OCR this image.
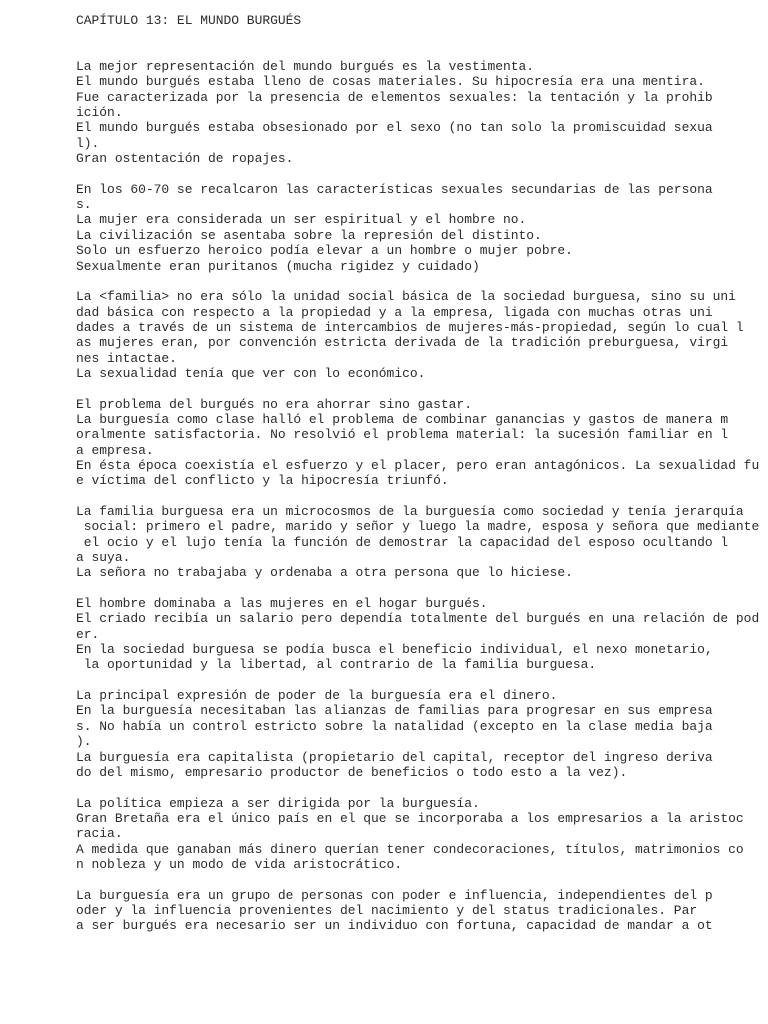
CAPÍTULO 13: EL MUNDO BURGUÉS
La mejor representación del mundo burgués es la vestimenta.
El mundo burgués estaba lleno de cosas materiales. Su hipocresía era una mentira.
Fue caracterizada por la presencia de elementos sexuales: la tentación y la prohib
ición.
El mundo burgués estaba obsesionado por el sexo (no tan solo la promiscuidad sexua
l).
Gran ostentación de ropajes.
En los 60-70 se recalcaron las características sexuales secundarias de las persona
s.
La mujer era considerada un ser espiritual y el hombre no.
La civilización se asentaba sobre la represión del distinto.
Solo un esfuerzo heroico podía elevar a un hombre o mujer pobre.
Sexualmente eran puritanos (mucha rigidez y cuidado)
La <familia> no era sólo la unidad social básica de la sociedad burguesa, sino su uni
dad básica con respecto a la propiedad y a la empresa, ligada con muchas otras uni
dades a través de un sistema de intercambios de mujeres-más-propiedad, según lo cual l
as mujeres eran, por convención estricta derivada de la tradición preburguesa, virgi
nes intactae.
La sexualidad tenía que ver con lo económico.
El problema del burgués no era ahorrar sino gastar.
La burguesía como clase halló el problema de combinar ganancias y gastos de manera m
oralmente satisfactoria. No resolvió el problema material: la sucesión familiar en l
a empresa.
En ésta época coexistía el esfuerzo y el placer, pero eran antagónicos. La sexualidad fu
e víctima del conflicto y la hipocresía triunfó.
La familia burguesa era un microcosmos de la burguesía como sociedad y tenía jerarquía
social: primero el padre, marido y señor y luego la madre, esposa y señora que mediante
el ocio y el lujo tenía la función de demostrar la capacidad del esposo ocultando l
a suya.
La señora no trabajaba y ordenaba a otra persona que lo hiciese.
El hombre dominaba a las mujeres en el hogar burgués.
El criado recibía un salario pero dependía totalmente del burgués en una relación de pod
er.
En la sociedad burguesa se podía busca el beneficio individual, el nexo monetario,
la oportunidad y la libertad, al contrario de la familia burguesa.
La principal expresión de poder de la burguesía era el dinero.
En la burguesía necesitaban las alianzas de familias para progresar en sus empresa
s. No había un control estricto sobre la natalidad (excepto en la clase media baja
).
La burguesía era capitalista (propietario del capital, receptor del ingreso deriva
do del mismo, empresario productor de beneficios o todo esto a la vez).
La política empieza a ser dirigida por la burguesía.
Gran Bretaña era el único país en el que se incorporaba a los empresarios a la aristoc
racia.
A medida que ganaban más dinero querían tener condecoraciones, títulos, matrimonios co
n nobleza y un modo de vida aristocrático.
La burguesía era un grupo de personas con poder e influencia, independientes del p
oder y la influencia provenientes del nacimiento y del status tradicionales. Par
a ser burgués era necesario ser un individuo con fortuna, capacidad de mandar a ot
